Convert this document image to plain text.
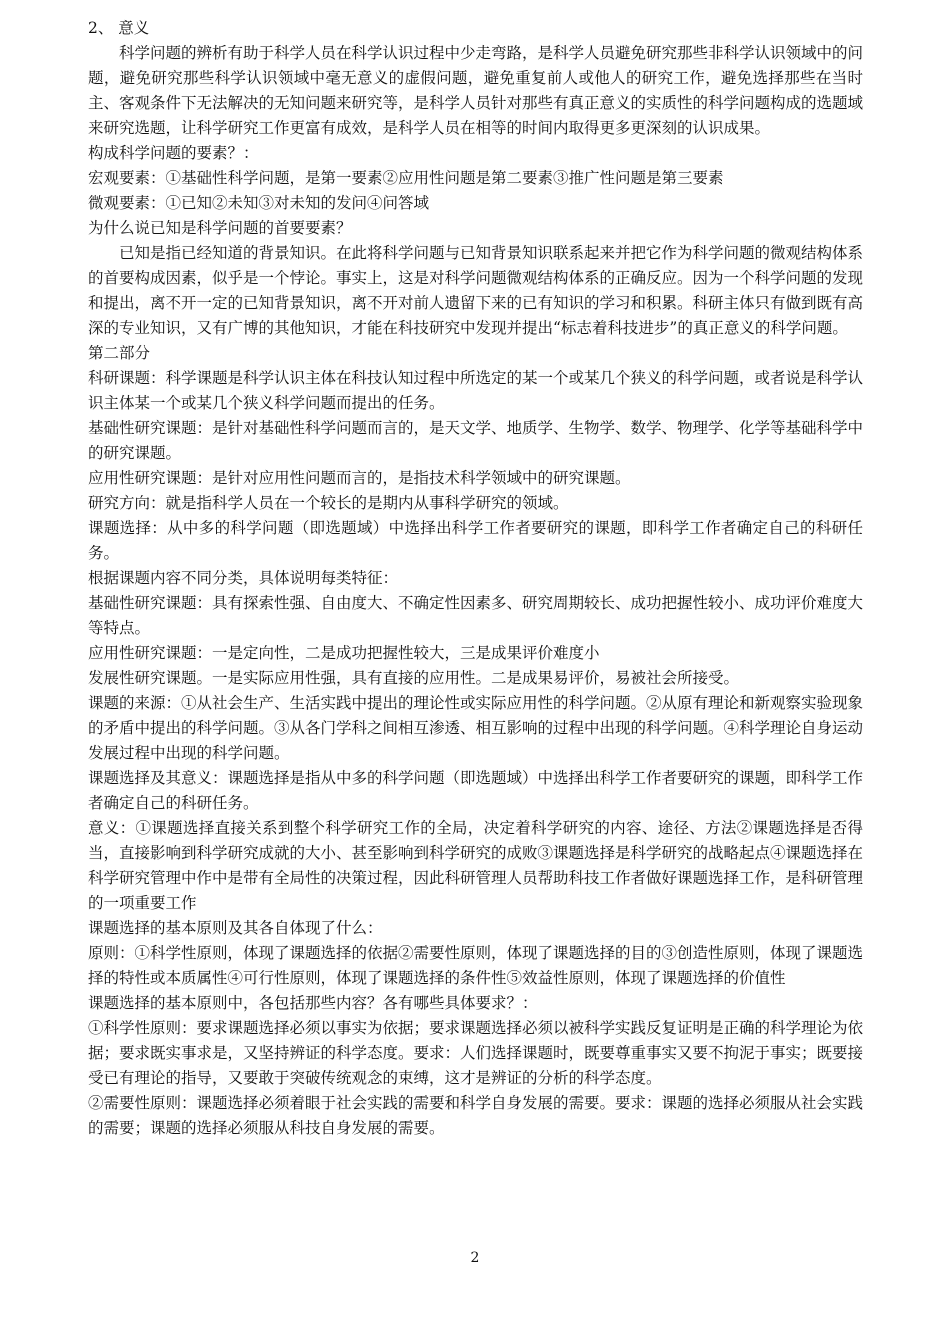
2、 意义

科学问题的辨析有助于科学人员在科学认识过程中少走弯路，是科学人员避免研究那些非科学认识领域中的问题，避免研究那些科学认识领域中毫无意义的虚假问题，避免重复前人或他人的研究工作，避免选择那些在当时主、客观条件下无法解决的无知问题来研究等，是科学人员针对那些有真正意义的实质性的科学问题构成的选题域来研究选题，让科学研究工作更富有成效，是科学人员在相等的时间内取得更多更深刻的认识成果。

构成科学问题的要素？：

宏观要素：①基础性科学问题，是第一要素②应用性问题是第二要素③推广性问题是第三要素

微观要素：①已知②未知③对未知的发问④问答域

为什么说已知是科学问题的首要要素？

已知是指已经知道的背景知识。在此将科学问题与已知背景知识联系起来并把它作为科学问题的微观结构体系的首要构成因素，似乎是一个悖论。事实上，这是对科学问题微观结构体系的正确反应。因为一个科学问题的发现和提出，离不开一定的已知背景知识，离不开对前人遗留下来的已有知识的学习和积累。科研主体只有做到既有高深的专业知识，又有广博的其他知识，才能在科技研究中发现并提出“标志着科技进步”的真正意义的科学问题。

第二部分

科研课题：科学课题是科学认识主体在科技认知过程中所选定的某一个或某几个狭义的科学问题，或者说是科学认识主体某一个或某几个狭义科学问题而提出的任务。

基础性研究课题：是针对基础性科学问题而言的，是天文学、地质学、生物学、数学、物理学、化学等基础科学中的研究课题。

应用性研究课题：是针对应用性问题而言的，是指技术科学领域中的研究课题。

研究方向：就是指科学人员在一个较长的是期内从事科学研究的领域。

课题选择：从中多的科学问题（即选题域）中选择出科学工作者要研究的课题，即科学工作者确定自己的科研任务。

根据课题内容不同分类，具体说明每类特征：

基础性研究课题：具有探索性强、自由度大、不确定性因素多、研究周期较长、成功把握性较小、成功评价难度大等特点。

应用性研究课题：一是定向性，二是成功把握性较大，三是成果评价难度小

发展性研究课题。一是实际应用性强，具有直接的应用性。二是成果易评价，易被社会所接受。

课题的来源：①从社会生产、生活实践中提出的理论性或实际应用性的科学问题。②从原有理论和新观察实验现象的矛盾中提出的科学问题。③从各门学科之间相互渗透、相互影响的过程中出现的科学问题。④科学理论自身运动发展过程中出现的科学问题。

课题选择及其意义：课题选择是指从中多的科学问题（即选题域）中选择出科学工作者要研究的课题，即科学工作者确定自己的科研任务。

意义：①课题选择直接关系到整个科学研究工作的全局，决定着科学研究的内容、途径、方法②课题选择是否得当，直接影响到科学研究成就的大小、甚至影响到科学研究的成败③课题选择是科学研究的战略起点④课题选择在科学研究管理中作中是带有全局性的决策过程，因此科研管理人员帮助科技工作者做好课题选择工作，是科研管理的一项重要工作

课题选择的基本原则及其各自体现了什么：

原则：①科学性原则，体现了课题选择的依据②需要性原则，体现了课题选择的目的③创造性原则，体现了课题选择的特性或本质属性④可行性原则，体现了课题选择的条件性⑤效益性原则，体现了课题选择的价值性

课题选择的基本原则中，各包括那些内容？各有哪些具体要求？：

①科学性原则：要求课题选择必须以事实为依据；要求课题选择必须以被科学实践反复证明是正确的科学理论为依据；要求既实事求是，又坚持辨证的科学态度。要求：人们选择课题时，既要尊重事实又要不拘泥于事实；既要接受已有理论的指导，又要敢于突破传统观念的束缚，这才是辨证的分析的科学态度。

②需要性原则：课题选择必须着眼于社会实践的需要和科学自身发展的需要。要求：课题的选择必须服从社会实践的需要；课题的选择必须服从科技自身发展的需要。

2
